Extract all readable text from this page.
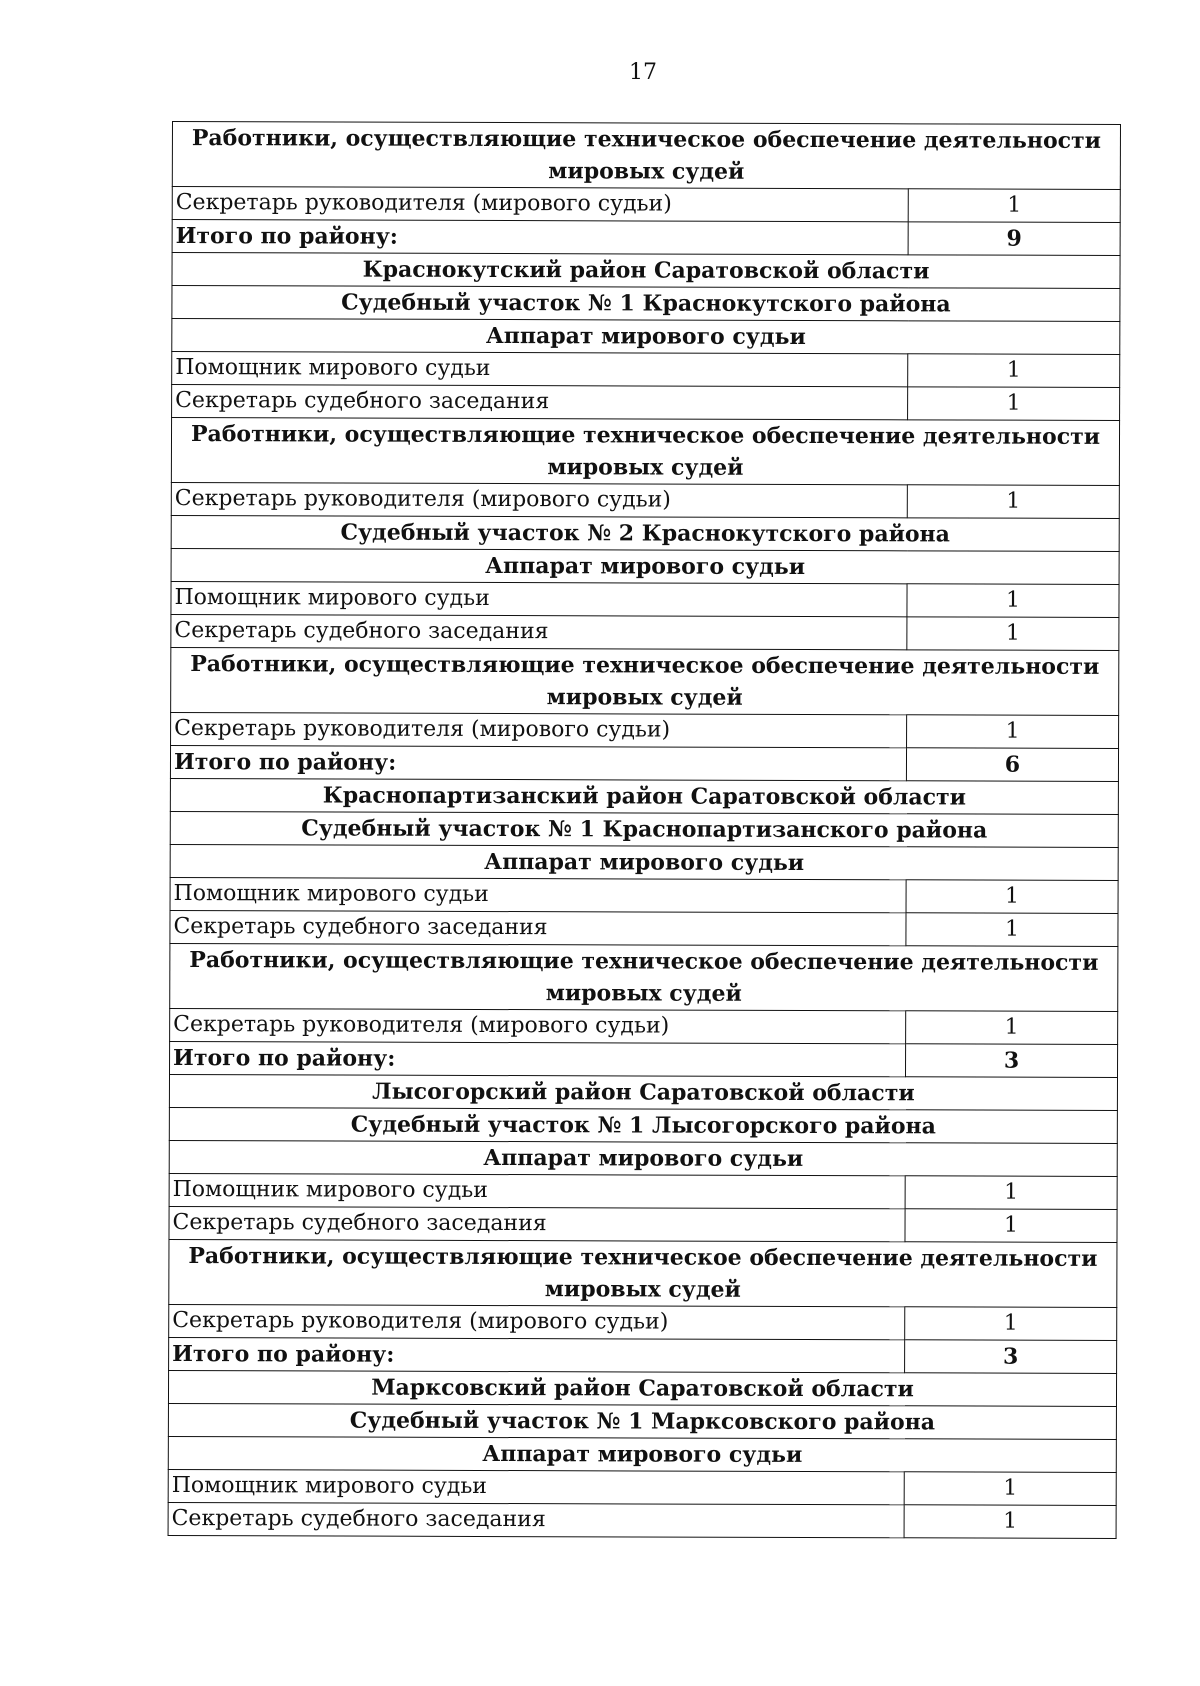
17
Работники, осуществляющие техническое обеспечение деятельности мировых судей	
Секретарь руководителя (мирового судьи)	1
Итого по району:	9
Краснокутский район Саратовской области	
Судебный участок № 1 Краснокутского района	
Аппарат мирового судьи	
Помощник мирового судьи	1
Секретарь судебного заседания	1
Работники, осуществляющие техническое обеспечение деятельности мировых судей	
Секретарь руководителя (мирового судьи)	1
Судебный участок № 2 Краснокутского района	
Аппарат мирового судьи	
Помощник мирового судьи	1
Секретарь судебного заседания	1
Работники, осуществляющие техническое обеспечение деятельности мировых судей	
Секретарь руководителя (мирового судьи)	1
Итого по району:	6
Краснопартизанский район Саратовской области	
Судебный участок № 1 Краснопартизанского района	
Аппарат мирового судьи	
Помощник мирового судьи	1
Секретарь судебного заседания	1
Работники, осуществляющие техническое обеспечение деятельности мировых судей	
Секретарь руководителя (мирового судьи)	1
Итого по району:	3
Лысогорский район Саратовской области	
Судебный участок № 1 Лысогорского района	
Аппарат мирового судьи	
Помощник мирового судьи	1
Секретарь судебного заседания	1
Работники, осуществляющие техническое обеспечение деятельности мировых судей	
Секретарь руководителя (мирового судьи)	1
Итого по району:	3
Марксовский район Саратовской области	
Судебный участок № 1 Марксовского района	
Аппарат мирового судьи	
Помощник мирового судьи	1
Секретарь судебного заседания	1
